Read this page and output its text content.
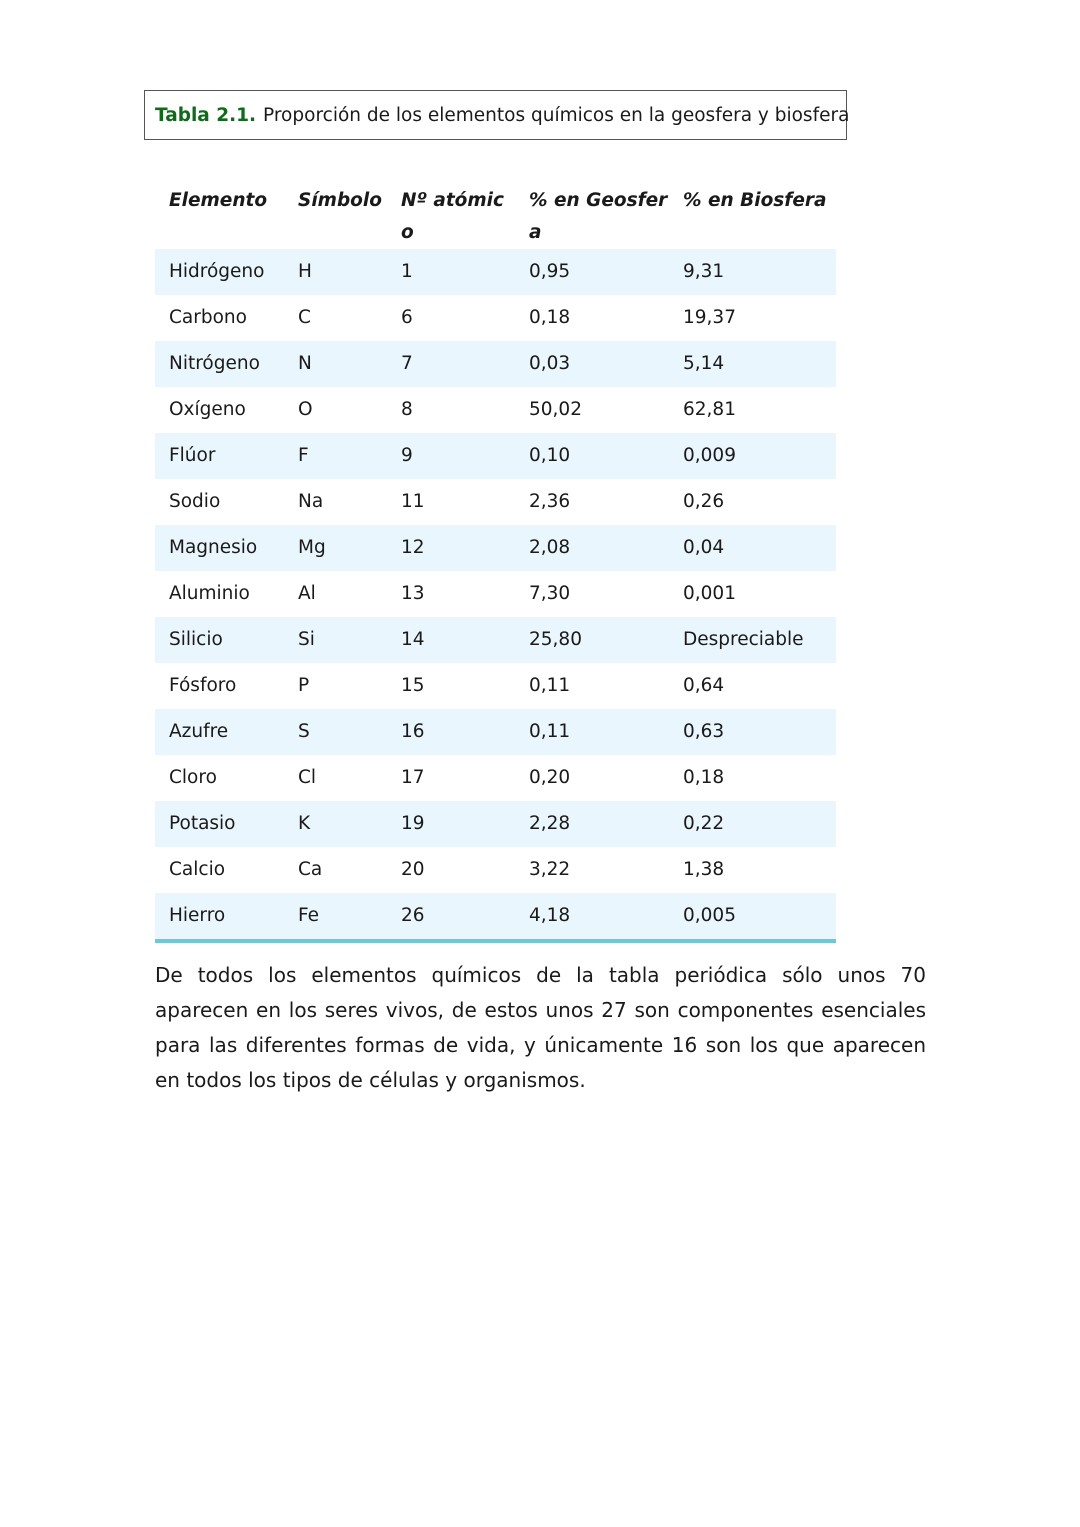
Tabla 2.1. Proporción de los elementos químicos en la geosfera y biosfera
Elemento	Símbolo	Nº atómico	% en Geosfera	% en Biosfera
Hidrógeno	H	1	0,95	9,31
Carbono	C	6	0,18	19,37
Nitrógeno	N	7	0,03	5,14
Oxígeno	O	8	50,02	62,81
Flúor	F	9	0,10	0,009
Sodio	Na	11	2,36	0,26
Magnesio	Mg	12	2,08	0,04
Aluminio	Al	13	7,30	0,001
Silicio	Si	14	25,80	Despreciable
Fósforo	P	15	0,11	0,64
Azufre	S	16	0,11	0,63
Cloro	Cl	17	0,20	0,18
Potasio	K	19	2,28	0,22
Calcio	Ca	20	3,22	1,38
Hierro	Fe	26	4,18	0,005

De todos los elementos químicos de la tabla periódica sólo unos 70 aparecen en los seres vivos, de estos unos 27 son componentes esenciales para las diferentes formas de vida, y únicamente 16 son los que aparecen en todos los tipos de células y organismos.
